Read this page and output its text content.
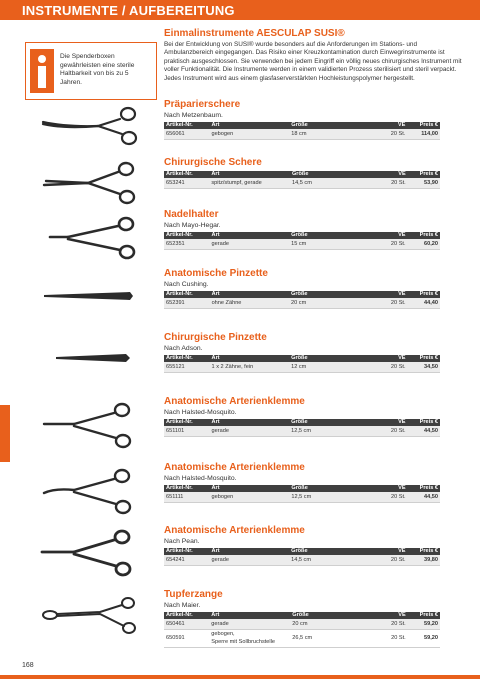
INSTRUMENTE / AUFBEREITUNG
Die Spenderboxen gewährleisten eine sterile Haltbarkeit von bis zu 5 Jahren.
Einmalinstrumente AESCULAP SUSI®
Bei der Entwicklung von SUSI® wurde besonders auf die Anforderungen im Stations- und Ambulanzbereich eingegangen. Das Risiko einer Kreuzkontamination durch Einwegrinstrumente ist praktisch ausgeschlossen. Sie verwenden bei jedem Eingriff ein völlig neues chirurgisches Instrument mit voller Funktionalität. Die Instrumente werden in einem validierten Prozess sterilisiert und steril verpackt. Jedes Instrument wird aus einem glasfaserverstärkten Hochleistungspolymer hergestellt.
Präparierschere
Nach Metzenbaum.
Artikel-Nr.	Art	Größe	VE	Preis €
656061	gebogen	18 cm	20 St.	114,00
Chirurgische Schere
Artikel-Nr.	Art	Größe	VE	Preis €
653241	spitz/stumpf, gerade	14,5 cm	20 St.	53,90
Nadelhalter
Nach Mayo-Hegar.
Artikel-Nr.	Art	Größe	VE	Preis €
652351	gerade	15 cm	20 St.	60,20
Anatomische Pinzette
Nach Cushing.
Artikel-Nr.	Art	Größe	VE	Preis €
652391	ohne Zähne	20 cm	20 St.	44,40
Chirurgische Pinzette
Nach Adson.
Artikel-Nr.	Art	Größe	VE	Preis €
655121	1 x 2 Zähne, fein	12 cm	20 St.	34,50
Anatomische Arterienklemme
Nach Halsted-Mosquito.
Artikel-Nr.	Art	Größe	VE	Preis €
651101	gerade	12,5 cm	20 St.	44,50
Anatomische Arterienklemme
Nach Halsted-Mosquito.
Artikel-Nr.	Art	Größe	VE	Preis €
651111	gebogen	12,5 cm	20 St.	44,50
Anatomische Arterienklemme
Nach Pean.
Artikel-Nr.	Art	Größe	VE	Preis €
654241	gerade	14,5 cm	20 St.	39,80
Tupferzange
Nach Maier.
Artikel-Nr.	Art	Größe	VE	Preis €
650461	gerade	20 cm	20 St.	59,20
650591	gebogen,
Sperre mit Sollbruchstelle	26,5 cm	20 St.	59,20
168
